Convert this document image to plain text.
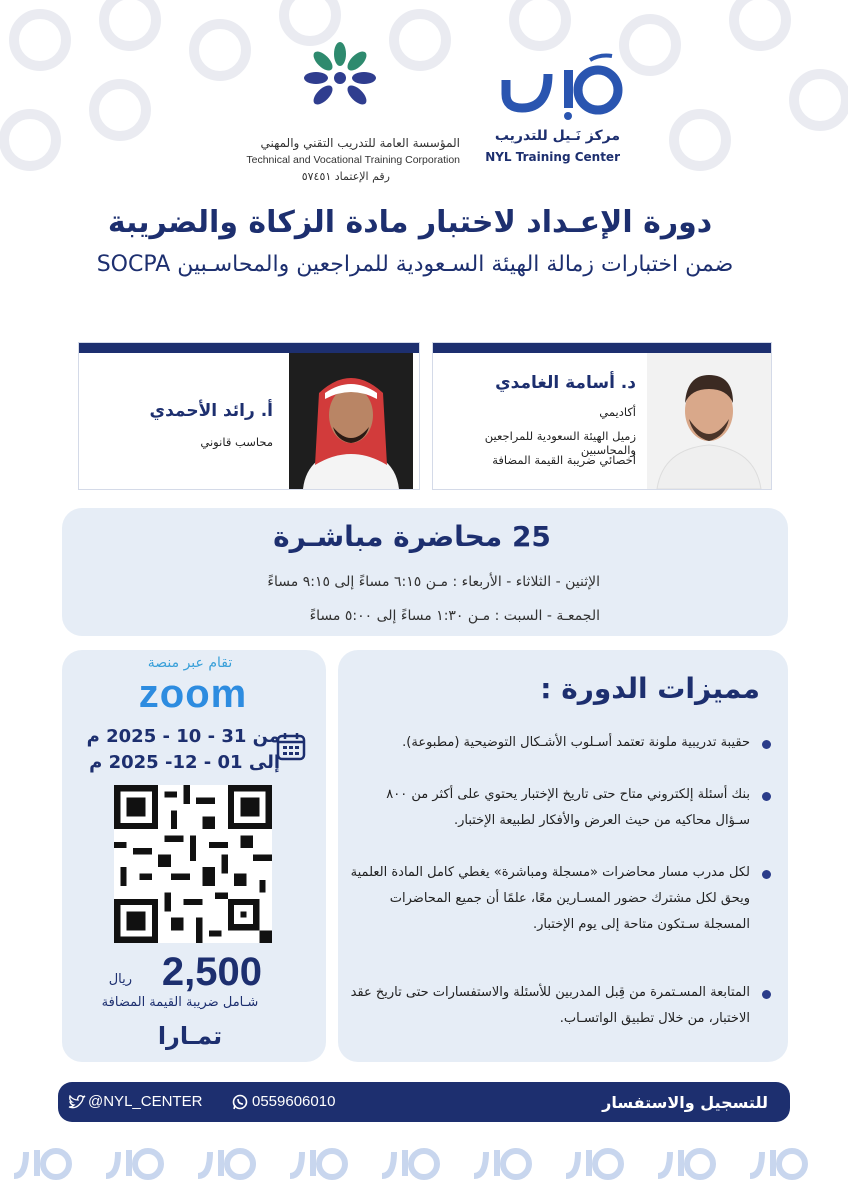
مركز نَـيل للتدريب
NYL Training Center
المؤسسة العامة للتدريب التقني والمهني
Technical and Vocational Training Corporation
رقم الإعتماد ٥٧٤٥١
دورة الإعـداد لاختبار مادة الزكاة والضريبة
ضمن اختبارات زمالة الهيئة السـعودية للمراجعين والمحاسـبين SOCPA
د. أسامة الغامدي
أكاديمي
زميل الهيئة السعودية للمراجعين والمحاسبين
أخصائي ضريبة القيمة المضافة
أ. رائد الأحمدي
محاسب قانوني
25 محاضرة مباشـرة
الإثنين - الثلاثاء - الأربعاء : مـن ٦:١٥ مساءً إلى ٩:١٥ مساءً
الجمعـة - السبت : مـن ١:٣٠ مساءً إلى ٥:٠٠ مساءً
مميزات الدورة :
حقيبة تدريبية ملونة تعتمد أسـلوب الأشـكال التوضيحية (مطبوعة).
بنك أسئلة إلكتروني متاح حتى تاريخ الإختبار يحتوي على أكثر من ٨٠٠ سـؤال محاكيه من حيث العرض والأفكار لطبيعة الإختبار.
لكل مدرب مسار محاضرات «مسجلة ومباشرة» يغطي كامل المادة العلمية ويحق لكل مشترك حضور المسـارين معًا، علمًا أن جميع المحاضرات المسجلة سـتكون متاحة إلى يوم الإختبار.
المتابعة المسـتمرة من قِبل المدربين للأسئلة والاستفسارات حتى تاريخ عقد الاختبار، من خلال تطبيق الواتسـاب.
تقام عبر منصة
zoom
من 31 - 10 - 2025 م
إلى 01 - 12- 2025 م
2,500
ريال
شـامل ضريبة القيمة المضافة
تمـارا
للتسجيل والاستفسار
0559606010
@NYL_CENTER
